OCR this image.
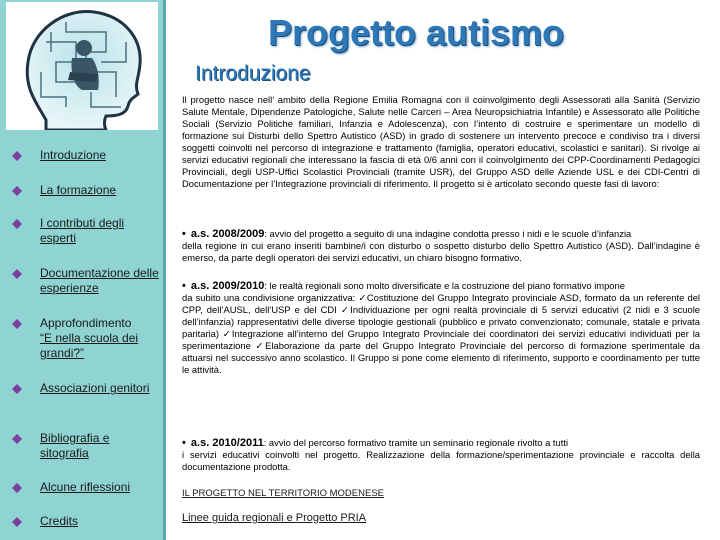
Introduzione
La formazione
I contributi degli esperti
Documentazione delle esperienze
Approfondimento
“E nella scuola dei grandi?”
Associazioni genitori
Bibliografia e sitografia
Alcune riflessioni
Credits
Progetto autismo
Introduzione

Il progetto nasce nell’ ambito della Regione Emilia Romagna con il coinvolgimento degli Assessorati alla Sanità (Servizio Salute Mentale, Dipendenze Patologiche, Salute nelle Carceri – Area Neuropsichiatria Infantile) e Assessorato alle Politiche Sociali (Servizio Politiche familiari, Infanzia e Adolescenza), con l’intento di costruire e sperimentare un modello di formazione sui Disturbi dello Spettro Autistico (ASD) in grado di sostenere un intervento precoce e condiviso tra i diversi soggetti coinvolti nel percorso di integrazione e trattamento (famiglia, operatori educativi, scolastici e sanitari). Si rivolge ai servizi educativi regionali che interessano la fascia di età 0/6 anni con il coinvolgimento dei CPP-Coordinamenti Pedagogici Provinciali, degli USP-Uffici Scolastici Provinciali (tramite USR), del Gruppo ASD delle Aziende USL e dei CDI-Centri di Documentazione per l’Integrazione provinciali di riferimento. Il progetto si è articolato secondo queste fasi di lavoro:

• a.s. 2008/2009: avvio del progetto a seguito di una indagine condotta presso i nidi e le scuole d’infanzia
della regione in cui erano inseriti bambine/i con disturbo o sospetto disturbo dello Spettro Autistico (ASD). Dall’indagine è emerso, da parte degli operatori dei servizi educativi, un chiaro bisogno formativo.
• a.s. 2009/2010: le realtà regionali sono molto diversificate e la costruzione del piano formativo impone
da subito una condivisione organizzativa: ✓Costituzione del Gruppo Integrato provinciale ASD, formato da un referente del CPP, dell’AUSL, dell’USP e del CDI ✓Individuazione per ogni realtà provinciale di 5 servizi educativi (2 nidi e 3 scuole dell’infanzia) rappresentativi delle diverse tipologie gestionali (pubblico e privato convenzionato; comunale, statale e privata paritaria) ✓Integrazione all’interno del Gruppo Integrato Provinciale dei coordinatori dei servizi educativi individuati per la sperimentazione ✓Elaborazione da parte del Gruppo Integrato Provinciale del percorso di formazione sperimentale da attuarsi nel successivo anno scolastico. Il Gruppo si pone come elemento di riferimento, supporto e coordinamento per tutte le attività.
• a.s. 2010/2011: avvio del percorso formativo tramite un seminario regionale rivolto a tutti
i servizi educativi coinvolti nel progetto. Realizzazione della formazione/sperimentazione provinciale e raccolta della documentazione prodotta.
IL PROGETTO NEL TERRITORIO MODENESE
Linee guida regionali e Progetto PRIA
